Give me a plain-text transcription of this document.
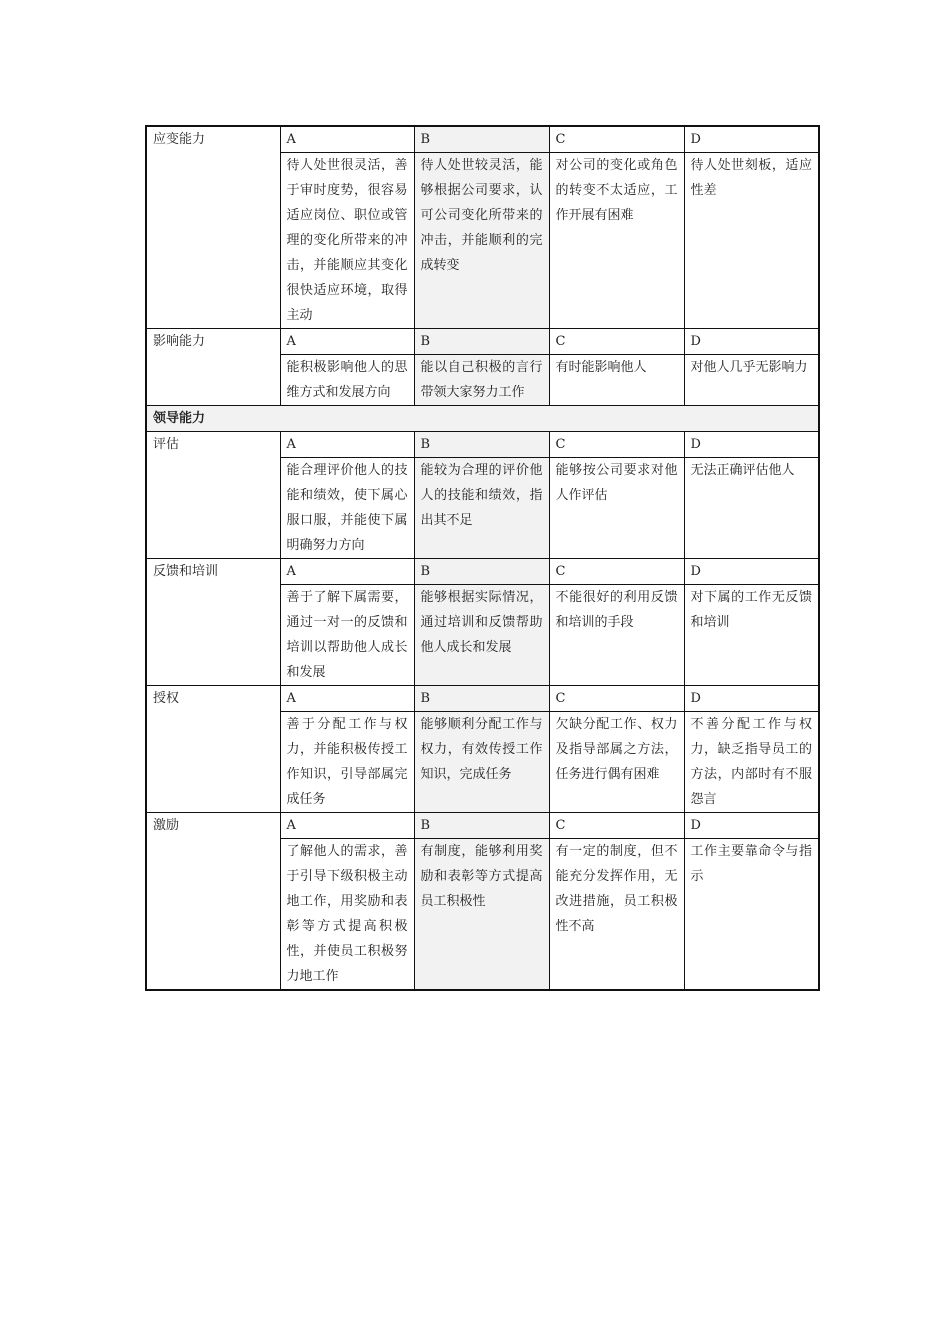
应变能力	A	B	C	D
	待人处世很灵活，善于审时度势，很容易适应岗位、职位或管理的变化所带来的冲击，并能顺应其变化很快适应环境，取得主动	待人处世较灵活，能够根据公司要求，认可公司变化所带来的冲击，并能顺利的完成转变	对公司的变化或角色的转变不太适应，工作开展有困难	待人处世刻板，适应性差
影响能力	A	B	C	D
	能积极影响他人的思维方式和发展方向	能以自己积极的言行带领大家努力工作	有时能影响他人	对他人几乎无影响力
领导能力				
评估	A	B	C	D
	能合理评价他人的技能和绩效，使下属心服口服，并能使下属明确努力方向	能较为合理的评价他人的技能和绩效，指出其不足	能够按公司要求对他人作评估	无法正确评估他人
反馈和培训	A	B	C	D
	善于了解下属需要，通过一对一的反馈和培训以帮助他人成长和发展	能够根据实际情况，通过培训和反馈帮助他人成长和发展	不能很好的利用反馈和培训的手段	对下属的工作无反馈和培训
授权	A	B	C	D
	善于分配工作与权力，并能积极传授工作知识，引导部属完成任务	能够顺利分配工作与权力，有效传授工作知识，完成任务	欠缺分配工作、权力及指导部属之方法，任务进行偶有困难	不善分配工作与权力，缺乏指导员工的方法，内部时有不服怨言
激励	A	B	C	D
	了解他人的需求，善于引导下级积极主动地工作，用奖励和表彰等方式提高积极性，并使员工积极努力地工作	有制度，能够利用奖励和表彰等方式提高员工积极性	有一定的制度，但不能充分发挥作用，无改进措施，员工积极性不高	工作主要靠命令与指示
